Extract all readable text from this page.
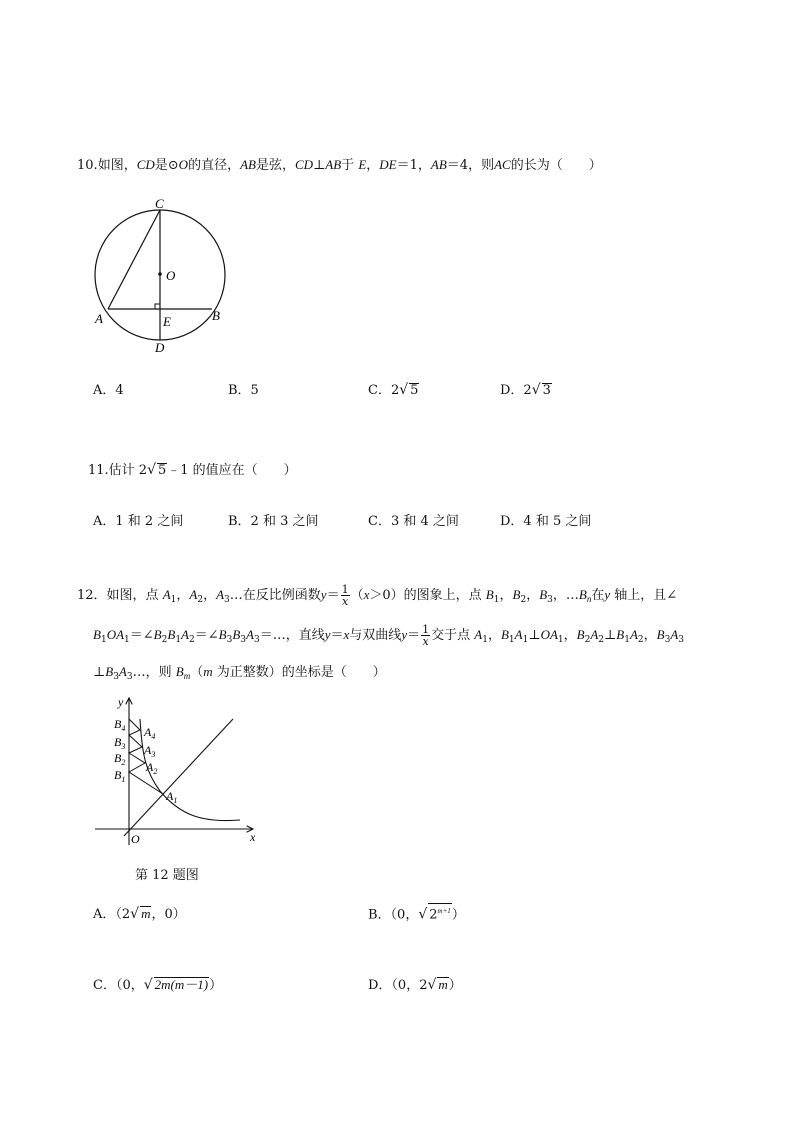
10.如图，CD是⊙O的直径，AB是弦，CD⊥AB于 E，DE＝1，AB＝4，则AC的长为（　　）
C
O
A	E	B
D
A．4	B．5	C．2√ 5	D．2√ 3
11.估计 2√ 5﹣1 的值应在（　　）
A．1 和 2 之间	B．2 和 3 之间	C．3 和 4 之间	D．4 和 5 之间
12．如图，点 $A_1$，$A_2$，$A_3\dots$在反比例函数$y= \frac{1}{x} (x>0)$的图象上，点 $B_1$，$B_2$，$B_3$，$\dots B_n$在y 轴上，且∠
$B_1OA_1=\angle B_2B_1A_2=\angle B_3B_3A_3=\dots$，直线y＝x与双曲线$y= \frac{1}{x}$ 交于点 $A_1$，$B_1A_1\perp OA_1$，$B_2A_2\perp B_1A_2$，$B_3A_3$
$\perp B_3A_3\dots$，则 $B_m(m$ 为正整数）的坐标是（　　）
y
x
O
$B_4$
$B_3$
$B_2$
$B_1$
$A_4$
$A_3$
$A_2$
$A_1$
第 12 题图
A．（2√ m，0）	B．（0，√ $2^{m+1}$）
C．（0，√ 2m(m－1)）	D．（0，2√ m）
